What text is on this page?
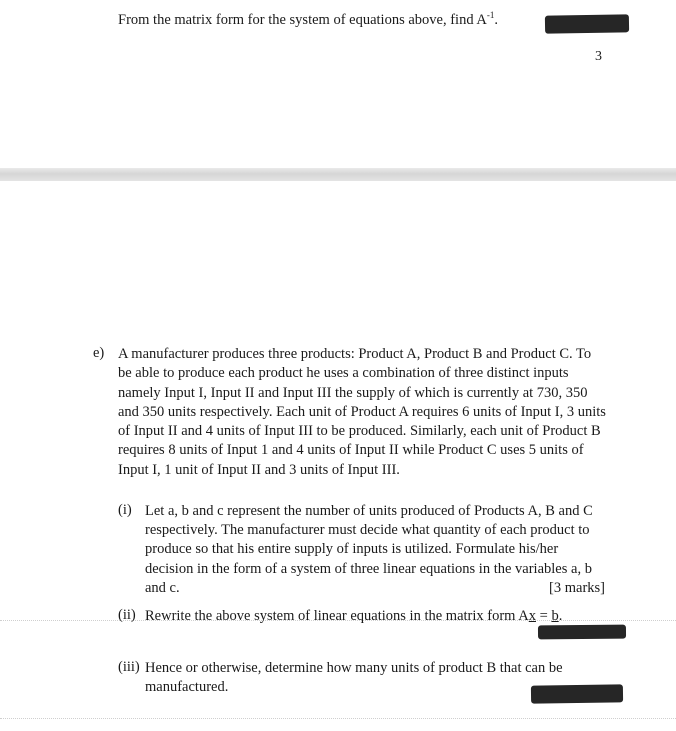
From the matrix form for the system of equations above, find $A^{-1}$.
3
e) A manufacturer produces three products: Product A, Product B and Product C. To be able to produce each product he uses a combination of three distinct inputs namely Input I, Input II and Input III the supply of which is currently at 730, 350 and 350 units respectively. Each unit of Product A requires 6 units of Input I, 3 units of Input II and 4 units of Input III to be produced. Similarly, each unit of Product B requires 8 units of Input 1 and 4 units of Input II while Product C uses 5 units of Input I, 1 unit of Input II and 3 units of Input III.

(i) Let a, b and c represent the number of units produced of Products A, B and C respectively. The manufacturer must decide what quantity of each product to produce so that his entire supply of inputs is utilized. Formulate his/her decision in the form of a system of three linear equations in the variables a, b and c.	[3 marks]

(ii) Rewrite the above system of linear equations in the matrix form Ax = b.

(iii) Hence or otherwise, determine how many units of product B that can be manufactured.
